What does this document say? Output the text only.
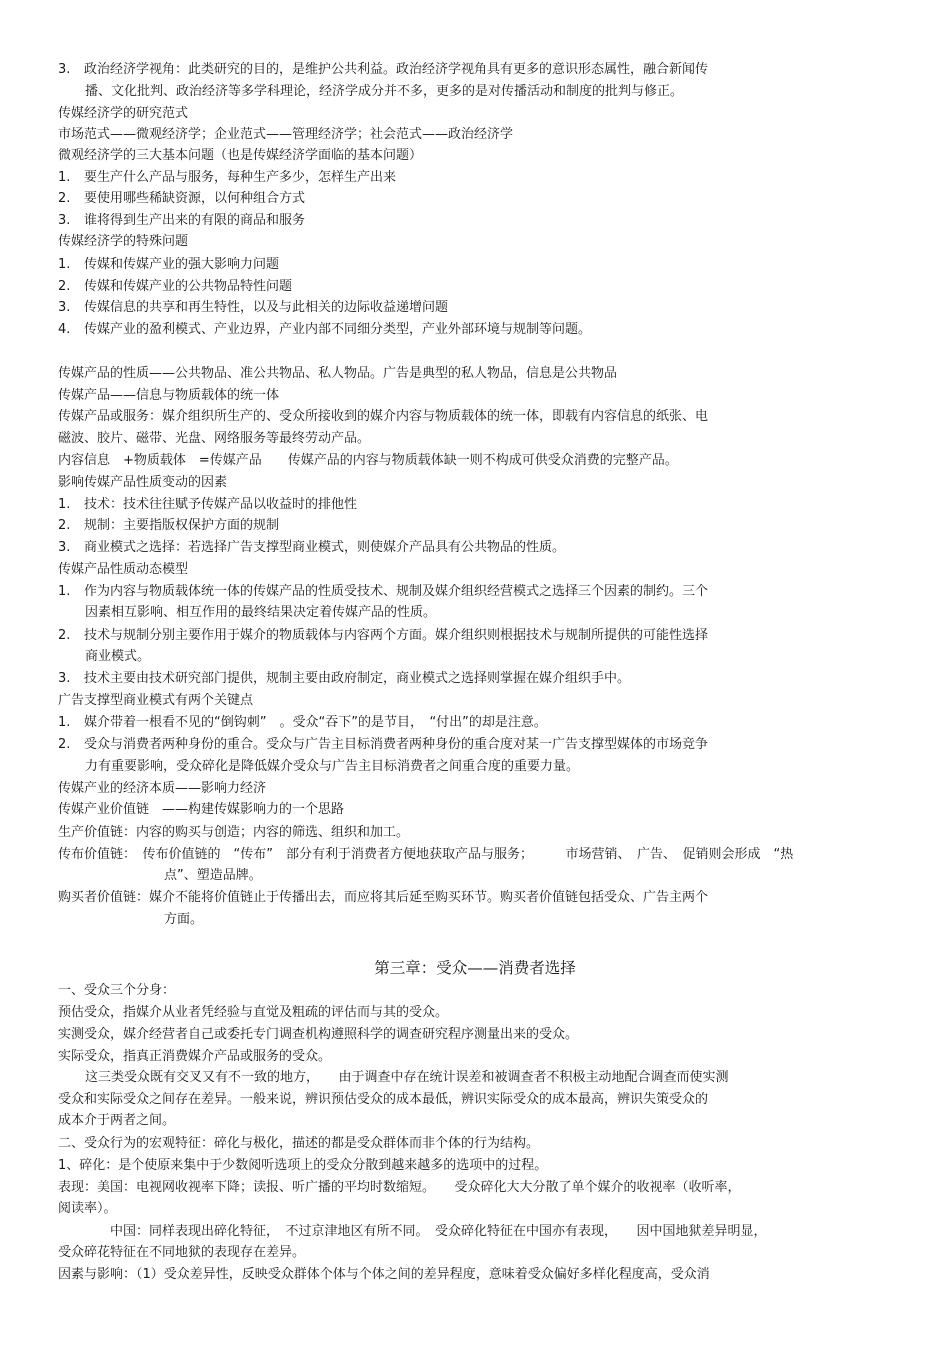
3. 政治经济学视角：此类研究的目的，是维护公共利益。政治经济学视角具有更多的意识形态属性，融合新闻传
播、文化批判、政治经济等多学科理论，经济学成分并不多，更多的是对传播活动和制度的批判与修正。
传媒经济学的研究范式
市场范式——微观经济学；企业范式——管理经济学；社会范式——政治经济学
微观经济学的三大基本问题（也是传媒经济学面临的基本问题）
1. 要生产什么产品与服务，每种生产多少，怎样生产出来
2. 要使用哪些稀缺资源，以何种组合方式
3. 谁将得到生产出来的有限的商品和服务
传媒经济学的特殊问题
1. 传媒和传媒产业的强大影响力问题
2. 传媒和传媒产业的公共物品特性问题
3. 传媒信息的共享和再生特性，以及与此相关的边际收益递增问题
4. 传媒产业的盈利模式、产业边界，产业内部不同细分类型，产业外部环境与规制等问题。
传媒产品的性质——公共物品、准公共物品、私人物品。广告是典型的私人物品，信息是公共物品
传媒产品——信息与物质载体的统一体
传媒产品或服务：媒介组织所生产的、受众所接收到的媒介内容与物质载体的统一体，即载有内容信息的纸张、电
磁波、胶片、磁带、光盘、网络服务等最终劳动产品。
内容信息　+物质载体　=传媒产品　　传媒产品的内容与物质载体缺一则不构成可供受众消费的完整产品。
影响传媒产品性质变动的因素
1. 技术：技术往往赋予传媒产品以收益时的排他性
2. 规制：主要指版权保护方面的规制
3. 商业模式之选择：若选择广告支撑型商业模式，则使媒介产品具有公共物品的性质。
传媒产品性质动态模型
1. 作为内容与物质载体统一体的传媒产品的性质受技术、规制及媒介组织经营模式之选择三个因素的制约。三个
因素相互影响、相互作用的最终结果决定着传媒产品的性质。
2. 技术与规制分别主要作用于媒介的物质载体与内容两个方面。媒介组织则根据技术与规制所提供的可能性选择
商业模式。
3. 技术主要由技术研究部门提供，规制主要由政府制定，商业模式之选择则掌握在媒介组织手中。
广告支撑型商业模式有两个关键点
1. 媒介带着一根看不见的“倒钩刺”　。受众“吞下”的是节目，　“付出”的却是注意。
2. 受众与消费者两种身份的重合。受众与广告主目标消费者两种身份的重合度对某一广告支撑型媒体的市场竞争
力有重要影响，受众碎化是降低媒介受众与广告主目标消费者之间重合度的重要力量。
传媒产业的经济本质——影响力经济
传媒产业价值链　——构建传媒影响力的一个思路
生产价值链：内容的购买与创造；内容的筛选、组织和加工。
传布价值链：　传布价值链的　“传布”　部分有利于消费者方便地获取产品与服务；　　　市场营销、　广告、　促销则会形成　“热
点”、塑造品牌。
购买者价值链：媒介不能将价值链止于传播出去，而应将其后延至购买环节。购买者价值链包括受众、广告主两个
方面。
第三章：受众——消费者选择
一、受众三个分身：
预估受众，指媒介从业者凭经验与直觉及粗疏的评估而与其的受众。
实测受众，媒介经营者自己或委托专门调查机构遵照科学的调查研究程序测量出来的受众。
实际受众，指真正消费媒介产品或服务的受众。
这三类受众既有交叉又有不一致的地方，　　由于调查中存在统计误差和被调查者不积极主动地配合调查而使实测
受众和实际受众之间存在差异。一般来说，辨识预估受众的成本最低，辨识实际受众的成本最高，辨识失策受众的
成本介于两者之间。
二、受众行为的宏观特征：碎化与极化，描述的都是受众群体而非个体的行为结构。
1、碎化：是个使原来集中于少数阅听选项上的受众分散到越来越多的选项中的过程。
表现：美国：电视网收视率下降；读报、听广播的平均时数缩短。　　受众碎化大大分散了单个媒介的收视率（收听率，
阅读率）。
　　　　中国：同样表现出碎化特征，　不过京津地区有所不同。　受众碎化特征在中国亦有表现，　　因中国地狱差异明显，
受众碎花特征在不同地狱的表现存在差异。
因素与影响：（1）受众差异性，反映受众群体个体与个体之间的差异程度，意味着受众偏好多样化程度高，受众消
